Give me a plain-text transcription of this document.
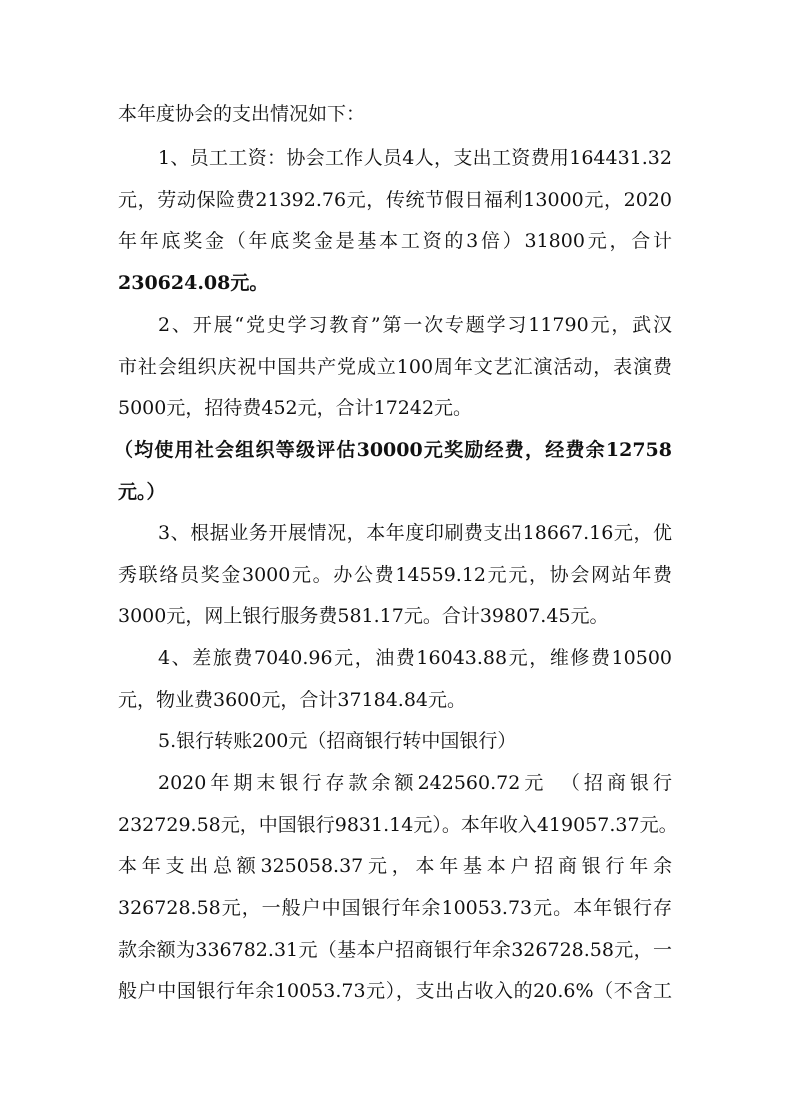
本年度协会的支出情况如下：
1、员工工资：协会工作人员4人，支出工资费用164431.32
元，劳动保险费21392.76元，传统节假日福利13000元，2020
年年底奖金（年底奖金是基本工资的3倍）31800元，合计
230624.08元。
2、开展“党史学习教育”第一次专题学习11790元，武汉
市社会组织庆祝中国共产党成立100周年文艺汇演活动，表演费
5000元，招待费452元，合计17242元。
（均使用社会组织等级评估30000元奖励经费，经费余12758
元。）
3、根据业务开展情况，本年度印刷费支出18667.16元，优
秀联络员奖金3000元。办公费14559.12元元，协会网站年费
3000元，网上银行服务费581.17元。合计39807.45元。
4、差旅费7040.96元，油费16043.88元，维修费10500
元，物业费3600元，合计37184.84元。
5.银行转账200元（招商银行转中国银行）
2020年期末银行存款余额242560.72元　（招商银行
232729.58元，中国银行9831.14元）。本年收入419057.37元。
本年支出总额325058.37元，本年基本户招商银行年余
326728.58元，一般户中国银行年余10053.73元。本年银行存
款余额为336782.31元（基本户招商银行年余326728.58元，一
般户中国银行年余10053.73元），支出占收入的20.6%（不含工
